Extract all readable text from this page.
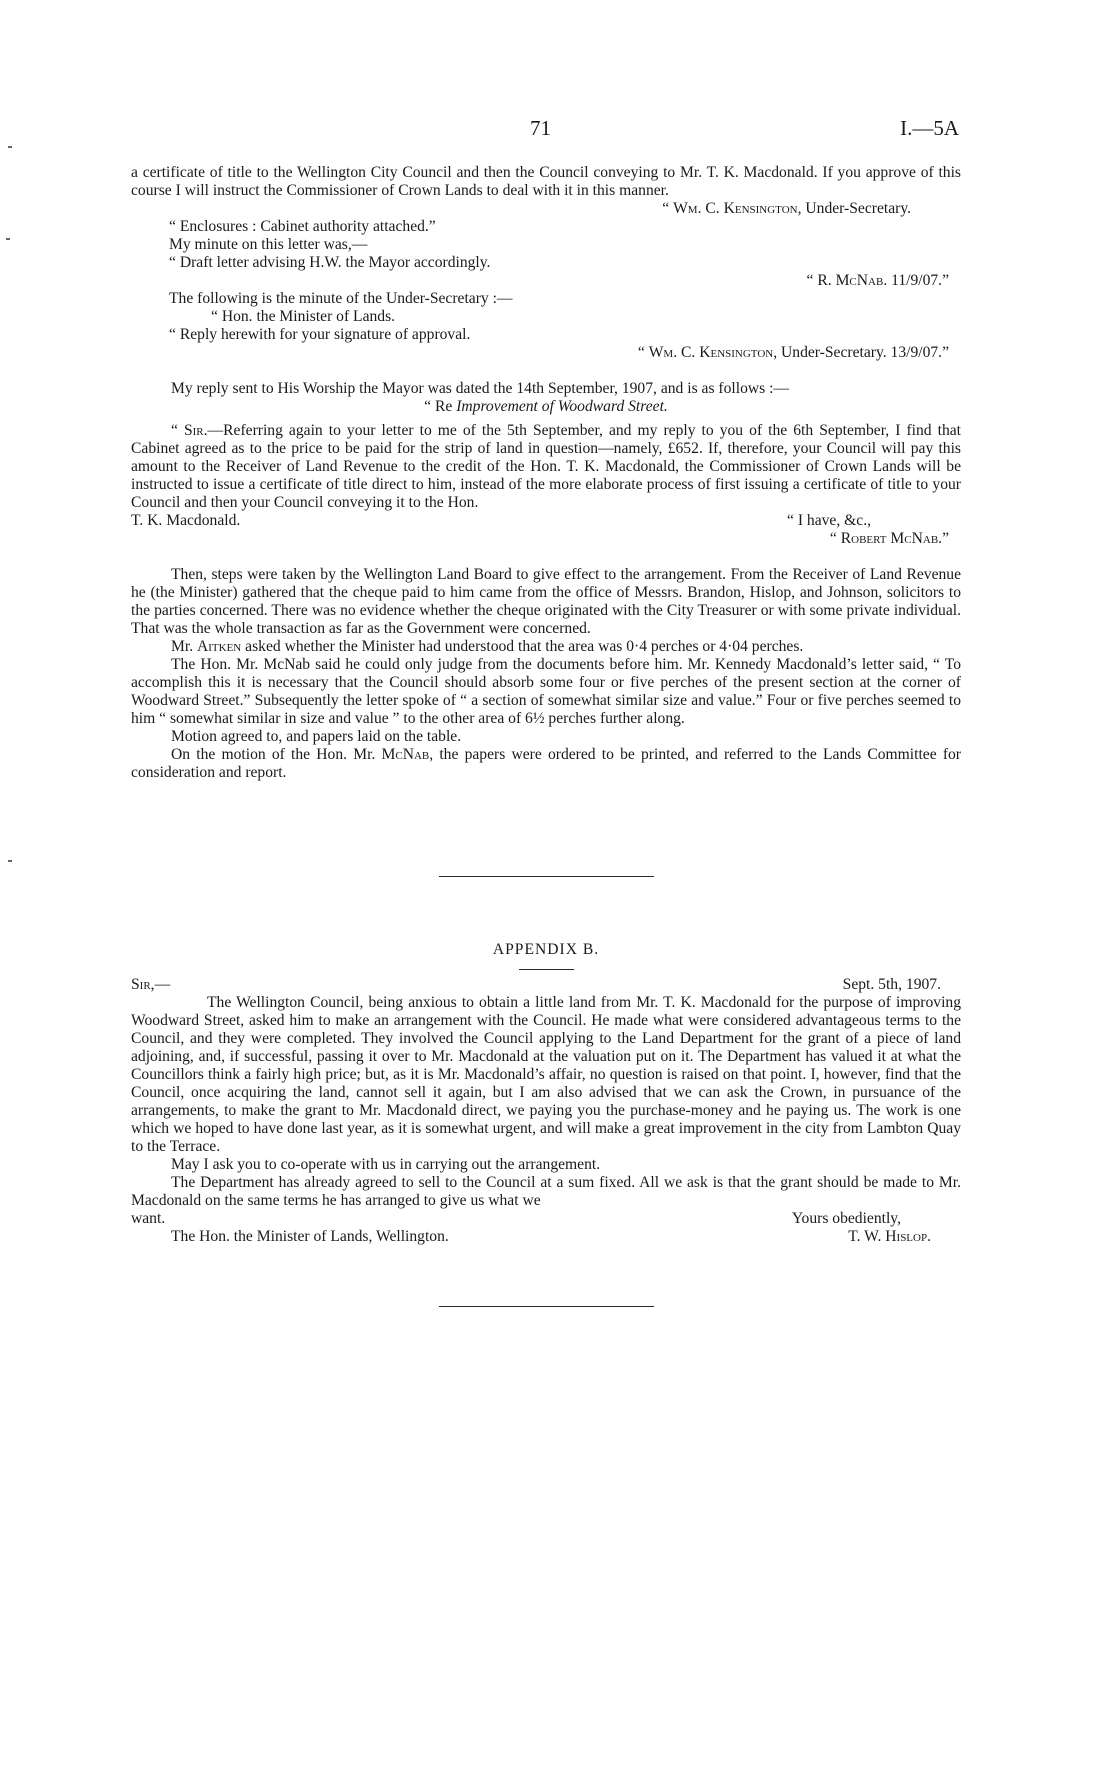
71	I.—5A

a certificate of title to the Wellington City Council and then the Council conveying to Mr. T. K. Macdonald. If you approve of this course I will instruct the Commissioner of Crown Lands to deal with it in this manner.

“ Wm. C. Kensington, Under-Secretary.

“ Enclosures : Cabinet authority attached.”

My minute on this letter was,—

“ Draft letter advising H.W. the Mayor accordingly.

“ R. McNab. 11/9/07.”

The following is the minute of the Under-Secretary :—

“ Hon. the Minister of Lands.

“ Reply herewith for your signature of approval.

“ Wm. C. Kensington, Under-Secretary. 13/9/07.”

My reply sent to His Worship the Mayor was dated the 14th September, 1907, and is as follows :—

“ Re Improvement of Woodward Street.

“ Sir.—Referring again to your letter to me of the 5th September, and my reply to you of the 6th September, I find that Cabinet agreed as to the price to be paid for the strip of land in question—namely, £652. If, therefore, your Council will pay this amount to the Receiver of Land Revenue to the credit of the Hon. T. K. Macdonald, the Commissioner of Crown Lands will be instructed to issue a certificate of title direct to him, instead of the more elaborate process of first issuing a certificate of title to your Council and then your Council conveying it to the Hon.

T. K. Macdonald.	“ I have, &c.,

“ Robert McNab.”

Then, steps were taken by the Wellington Land Board to give effect to the arrangement. From the Receiver of Land Revenue he (the Minister) gathered that the cheque paid to him came from the office of Messrs. Brandon, Hislop, and Johnson, solicitors to the parties concerned. There was no evidence whether the cheque originated with the City Treasurer or with some private individual. That was the whole transaction as far as the Government were concerned.

Mr. Aitken asked whether the Minister had understood that the area was 0·4 perches or 4·04 perches.

The Hon. Mr. McNab said he could only judge from the documents before him. Mr. Kennedy Macdonald’s letter said, “ To accomplish this it is necessary that the Council should absorb some four or five perches of the present section at the corner of Woodward Street.” Subsequently the letter spoke of “ a section of somewhat similar size and value.” Four or five perches seemed to him “ somewhat similar in size and value ” to the other area of 6½ perches further along.

Motion agreed to, and papers laid on the table.

On the motion of the Hon. Mr. McNab, the papers were ordered to be printed, and referred to the Lands Committee for consideration and report.

APPENDIX B.

Sir,—	Sept. 5th, 1907.

The Wellington Council, being anxious to obtain a little land from Mr. T. K. Macdonald for the purpose of improving Woodward Street, asked him to make an arrangement with the Council. He made what were considered advantageous terms to the Council, and they were completed. They involved the Council applying to the Land Department for the grant of a piece of land adjoining, and, if successful, passing it over to Mr. Macdonald at the valuation put on it. The Department has valued it at what the Councillors think a fairly high price; but, as it is Mr. Macdonald’s affair, no question is raised on that point. I, however, find that the Council, once acquiring the land, cannot sell it again, but I am also advised that we can ask the Crown, in pursuance of the arrangements, to make the grant to Mr. Macdonald direct, we paying you the purchase-money and he paying us. The work is one which we hoped to have done last year, as it is somewhat urgent, and will make a great improvement in the city from Lambton Quay to the Terrace.

May I ask you to co-operate with us in carrying out the arrangement.

The Department has already agreed to sell to the Council at a sum fixed. All we ask is that the grant should be made to Mr. Macdonald on the same terms he has arranged to give us what we

want.	Yours obediently,
The Hon. the Minister of Lands, Wellington.	T. W. Hislop.
